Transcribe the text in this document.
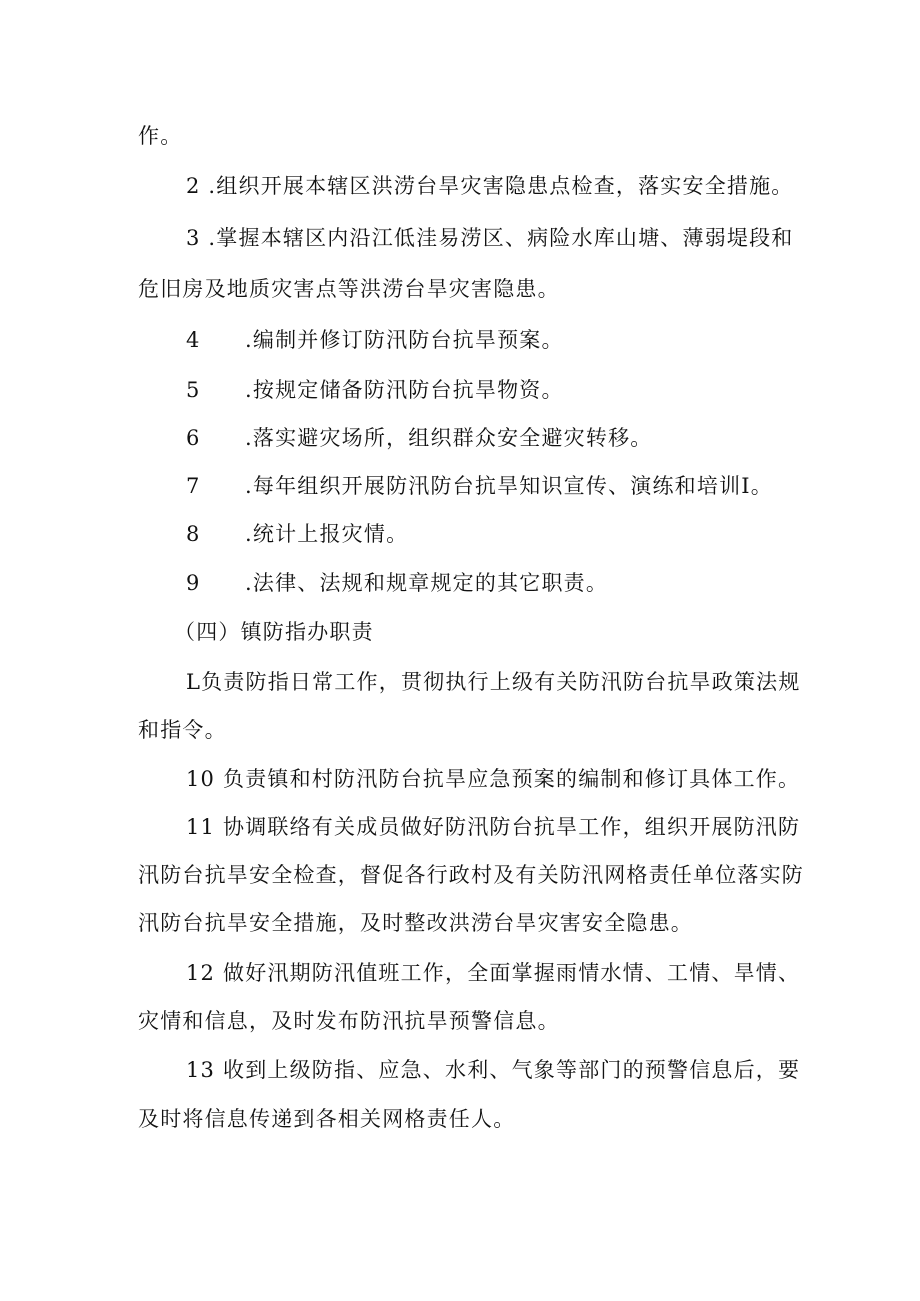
作。
2 .组织开展本辖区洪涝台旱灾害隐患点检查，落实安全措施。
3 .掌握本辖区内沿江低洼易涝区、病险水库山塘、薄弱堤段和
危旧房及地质灾害点等洪涝台旱灾害隐患。
4 .编制并修订防汛防台抗旱预案。
5 .按规定储备防汛防台抗旱物资。
6 .落实避灾场所，组织群众安全避灾转移。
7 .每年组织开展防汛防台抗旱知识宣传、演练和培训I。
8 .统计上报灾情。
9 .法律、法规和规章规定的其它职责。
（四）镇防指办职责
L负责防指日常工作，贯彻执行上级有关防汛防台抗旱政策法规
和指令。
10 负责镇和村防汛防台抗旱应急预案的编制和修订具体工作。
11 协调联络有关成员做好防汛防台抗旱工作，组织开展防汛防
汛防台抗旱安全检查，督促各行政村及有关防汛网格责任单位落实防
汛防台抗旱安全措施，及时整改洪涝台旱灾害安全隐患。
12 做好汛期防汛值班工作，全面掌握雨情水情、工情、旱情、
灾情和信息，及时发布防汛抗旱预警信息。
13 收到上级防指、应急、水利、气象等部门的预警信息后，要
及时将信息传递到各相关网格责任人。
